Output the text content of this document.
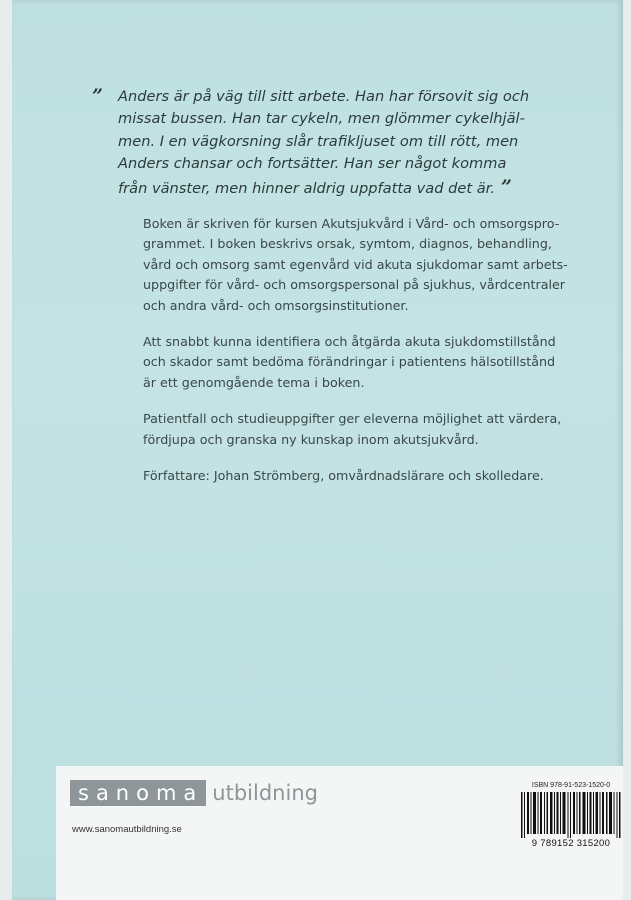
” Anders är på väg till sitt arbete. Han har försovit sig och
missat bussen. Han tar cykeln, men glömmer cykelhjäl-
men. I en vägkorsning slår trafikljuset om till rött, men
Anders chansar och fortsätter. Han ser något komma
från vänster, men hinner aldrig uppfatta vad det är. ”

Boken är skriven för kursen Akutsjukvård i Vård- och omsorgspro-
grammet. I boken beskrivs orsak, symtom, diagnos, behandling,
vård och omsorg samt egenvård vid akuta sjukdomar samt arbets-
uppgifter för vård- och omsorgspersonal på sjukhus, vårdcentraler
och andra vård- och omsorgsinstitutioner.

Att snabbt kunna identifiera och åtgärda akuta sjukdomstillstånd
och skador samt bedöma förändringar i patientens hälsotillstånd
är ett genomgående tema i boken.

Patientfall och studieuppgifter ger eleverna möjlighet att värdera,
fördjupa och granska ny kunskap inom akutsjukvård.

Författare: Johan Strömberg, omvårdnadslärare och skolledare.

sanoma utbildning
www.sanomautbildning.se
ISBN 978-91-523-1520-0
9 789152 315200
